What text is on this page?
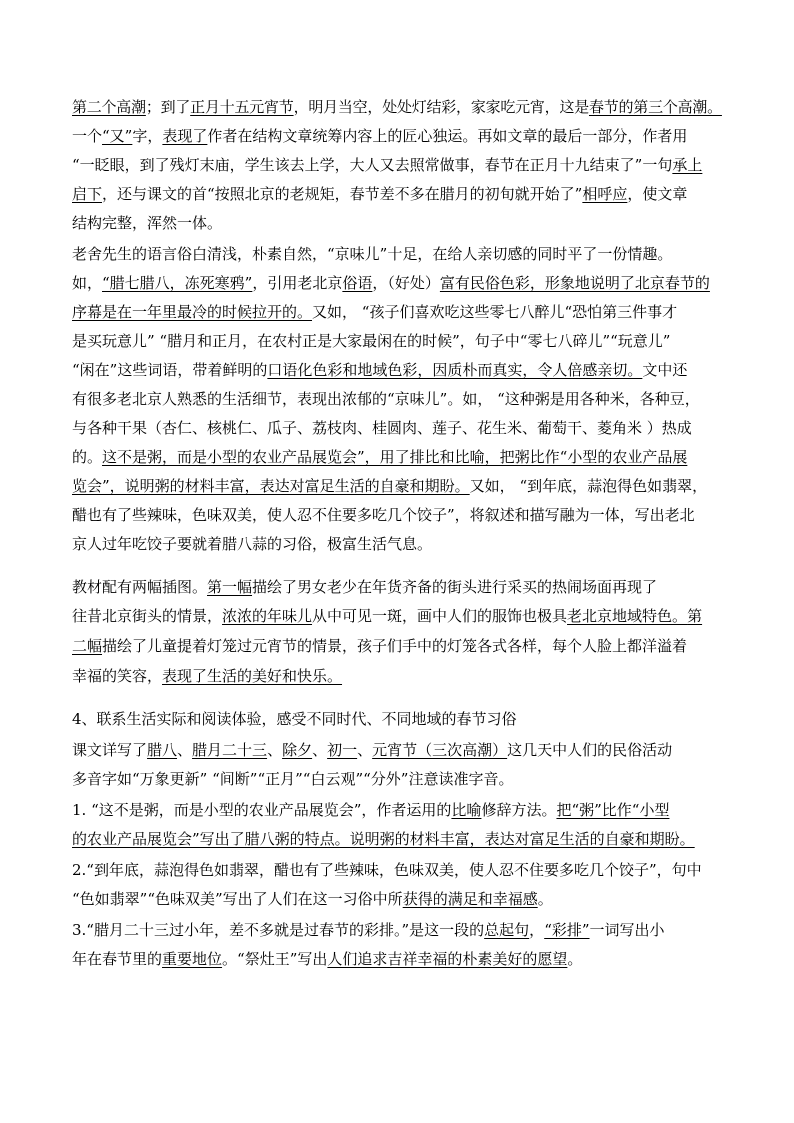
第二个高潮；到了正月十五元宵节，明月当空，处处灯结彩，家家吃元宵，这是春节的第三个高潮。
一个“又”字，表现了作者在结构文章统筹内容上的匠心独运。再如文章的最后一部分，作者用
“一眨眼，到了残灯末庙，学生该去上学，大人又去照常做事，春节在正月十九结束了”一句承上
启下，还与课文的首“按照北京的老规矩，春节差不多在腊月的初旬就开始了”相呼应，使文章
结构完整，浑然一体。
老舍先生的语言俗白清浅，朴素自然，“京味儿”十足，在给人亲切感的同时平了一份情趣。
如，“腊七腊八，冻死寒鸦”，引用老北京俗语，（好处）富有民俗色彩，形象地说明了北京春节的
序幕是在一年里最冷的时候拉开的。又如， “孩子们喜欢吃这些零七八醉儿“恐怕第三件事才
是买玩意儿” “腊月和正月，在农村正是大家最闲在的时候”，句子中“零七八碎儿”“玩意儿”
“闲在”这些词语，带着鲜明的口语化色彩和地域色彩，因质朴而真实，令人倍感亲切。文中还
有很多老北京人熟悉的生活细节，表现出浓郁的“京味儿”。如， “这种粥是用各种米，各种豆，
与各种干果（杏仁、核桃仁、瓜子、荔枝肉、桂圆肉、莲子、花生米、葡萄干、菱角米 ）热成
的。这不是粥，而是小型的农业产品展览会”，用了排比和比喻，把粥比作“小型的农业产品展
览会”，说明粥的材料丰富，表达对富足生活的自豪和期盼。又如， “到年底，蒜泡得色如翡翠，
醋也有了些辣味，色味双美，使人忍不住要多吃几个饺子”，将叙述和描写融为一体，写出老北
京人过年吃饺子要就着腊八蒜的习俗，极富生活气息。
教材配有两幅插图。第一幅描绘了男女老少在年货齐备的街头进行采买的热闹场面再现了
往昔北京街头的情景，浓浓的年味儿从中可见一斑，画中人们的服饰也极具老北京地域特色。第
二幅描绘了儿童提着灯笼过元宵节的情景，孩子们手中的灯笼各式各样，每个人脸上都洋溢着
幸福的笑容，表现了生活的美好和快乐。
4、联系生活实际和阅读体验，感受不同时代、不同地域的春节习俗
课文详写了腊八、腊月二十三、除夕、初一、元宵节（三次高潮）这几天中人们的民俗活动
多音字如“万象更新” “间断”“正月”“白云观”“分外”注意读准字音。
1. “这不是粥，而是小型的农业产品展览会”，作者运用的比喻修辞方法。把“粥”比作“小型
的农业产品展览会”写出了腊八粥的特点。说明粥的材料丰富，表达对富足生活的自豪和期盼。
2.“到年底，蒜泡得色如翡翠，醋也有了些辣味，色味双美，使人忍不住要多吃几个饺子”，句中
“色如翡翠”“色味双美”写出了人们在这一习俗中所获得的满足和幸福感。
3.“腊月二十三过小年，差不多就是过春节的彩排。”是这一段的总起句，“彩排”一词写出小
年在春节里的重要地位。“祭灶王”写出人们追求吉祥幸福的朴素美好的愿望。
